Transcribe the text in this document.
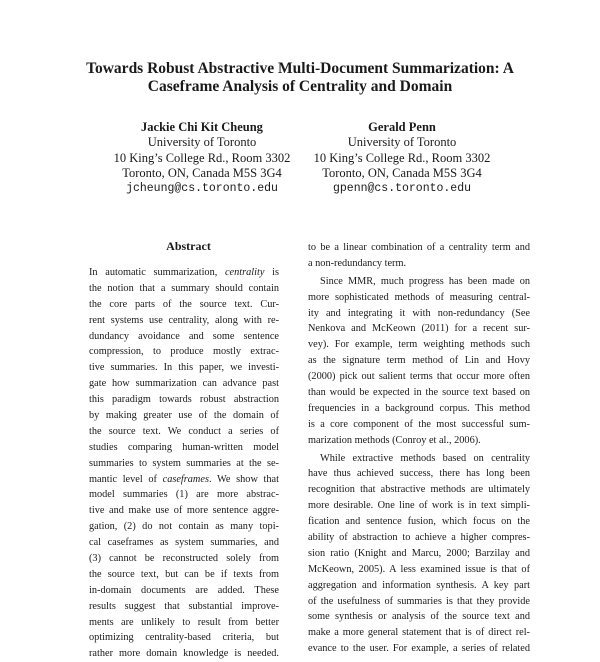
Towards Robust Abstractive Multi-Document Summarization: A
Caseframe Analysis of Centrality and Domain
Jackie Chi Kit Cheung
University of Toronto
10 King’s College Rd., Room 3302
Toronto, ON, Canada M5S 3G4
jcheung@cs.toronto.edu
Gerald Penn
University of Toronto
10 King’s College Rd., Room 3302
Toronto, ON, Canada M5S 3G4
gpenn@cs.toronto.edu
Abstract
In automatic summarization, centrality is
the notion that a summary should contain
the core parts of the source text. Cur-
rent systems use centrality, along with re-
dundancy avoidance and some sentence
compression, to produce mostly extrac-
tive summaries. In this paper, we investi-
gate how summarization can advance past
this paradigm towards robust abstraction
by making greater use of the domain of
the source text. We conduct a series of
studies comparing human-written model
summaries to system summaries at the se-
mantic level of caseframes. We show that
model summaries (1) are more abstrac-
tive and make use of more sentence aggre-
gation, (2) do not contain as many topi-
cal caseframes as system summaries, and
(3) cannot be reconstructed solely from
the source text, but can be if texts from
in-domain documents are added. These
results suggest that substantial improve-
ments are unlikely to result from better
optimizing centrality-based criteria, but
rather more domain knowledge is needed.
to be a linear combination of a centrality term and
a non-redundancy term.
Since MMR, much progress has been made on
more sophisticated methods of measuring central-
ity and integrating it with non-redundancy (See
Nenkova and McKeown (2011) for a recent sur-
vey). For example, term weighting methods such
as the signature term method of Lin and Hovy
(2000) pick out salient terms that occur more often
than would be expected in the source text based on
frequencies in a background corpus. This method
is a core component of the most successful sum-
marization methods (Conroy et al., 2006).
While extractive methods based on centrality
have thus achieved success, there has long been
recognition that abstractive methods are ultimately
more desirable. One line of work is in text simpli-
fication and sentence fusion, which focus on the
ability of abstraction to achieve a higher compres-
sion ratio (Knight and Marcu, 2000; Barzilay and
McKeown, 2005). A less examined issue is that of
aggregation and information synthesis. A key part
of the usefulness of summaries is that they provide
some synthesis or analysis of the source text and
make a more general statement that is of direct rel-
evance to the user. For example, a series of related
